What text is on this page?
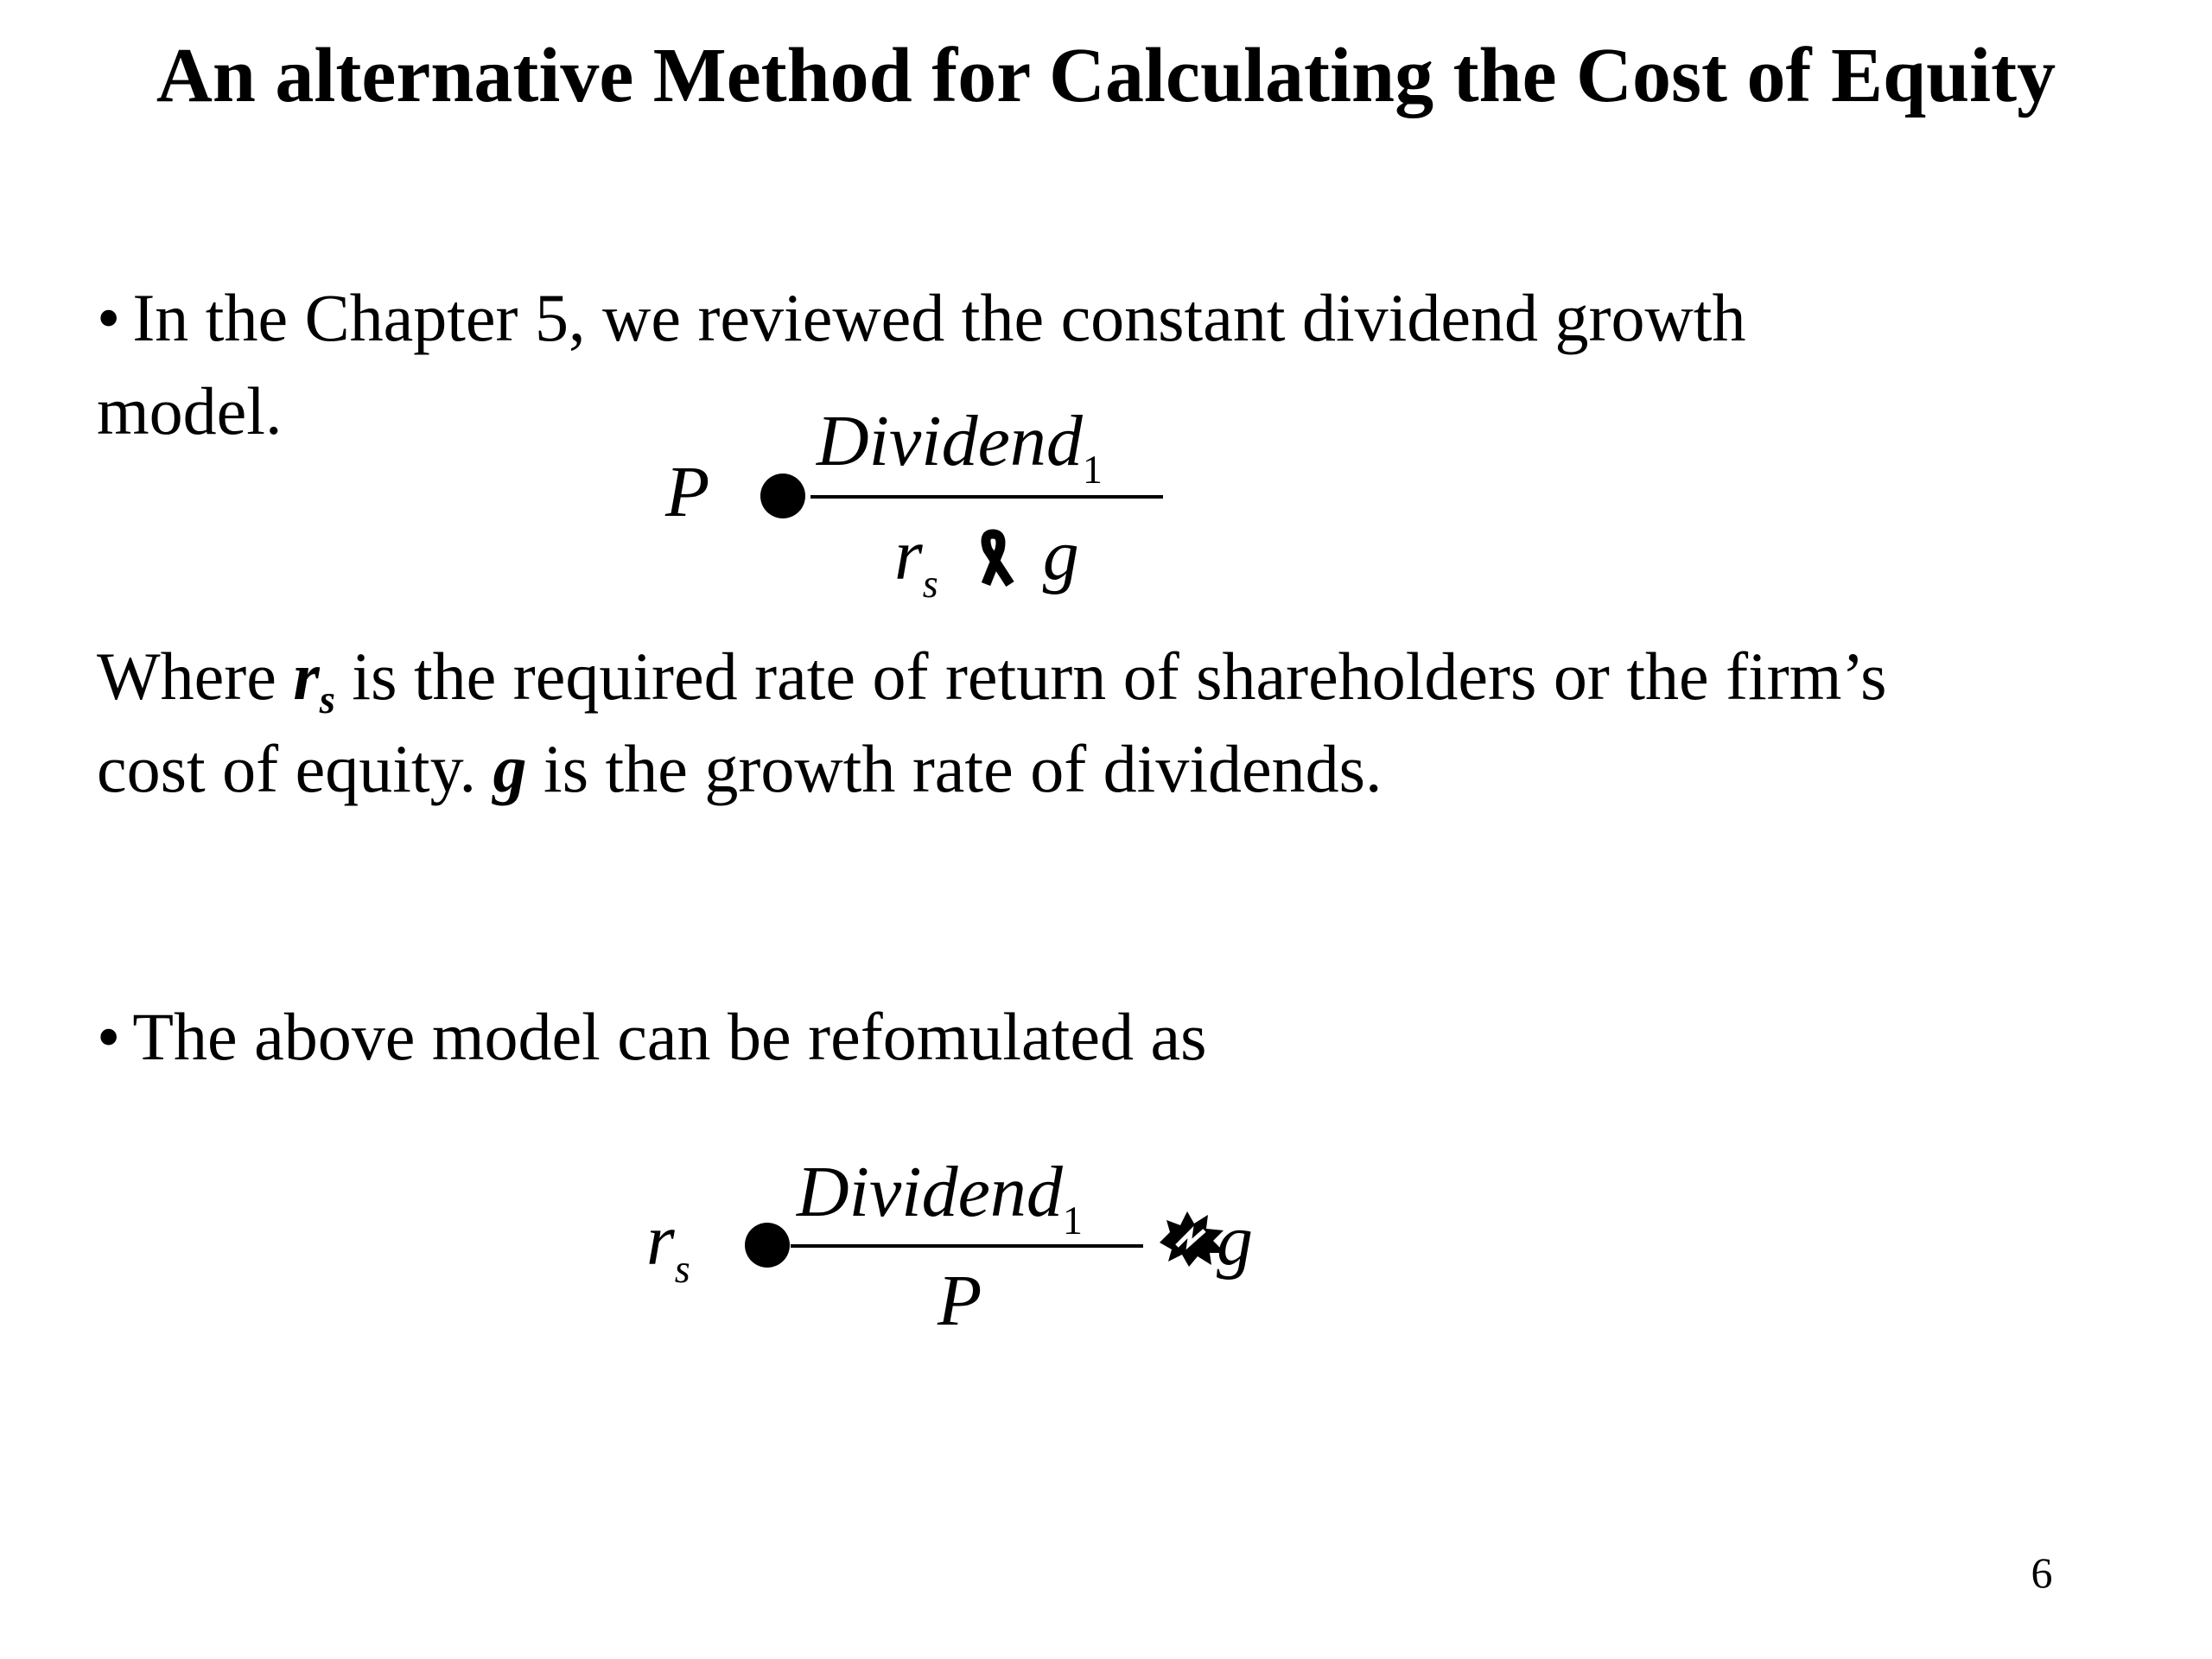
An alternative Method for Calculating the Cost of Equity
• In the Chapter 5, we reviewed the constant dividend growth
model.
P
Dividend$_1$
$r_s$ g
Where $r_s$ is the required rate of return of shareholders or the firm’s
cost of equity. g is the growth rate of dividends.
• The above model can be refomulated as
$r_s$
Dividend$_1$
P
g
6
